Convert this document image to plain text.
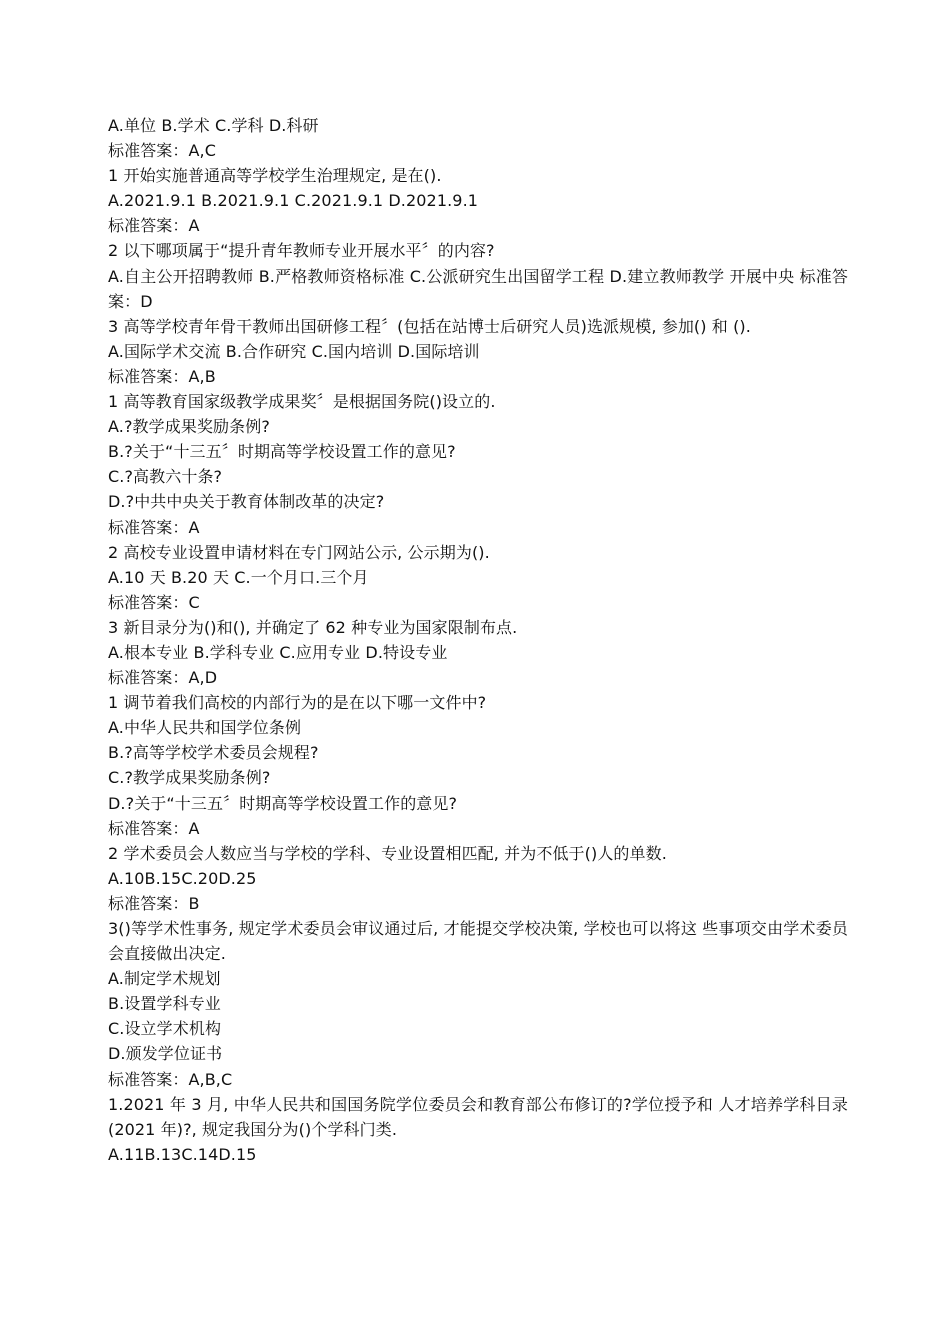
A.单位 B.学术 C.学科 D.科研
标准答案：A,C
1 开始实施普通高等学校学生治理规定, 是在().
A.2021.9.1 B.2021.9.1 C.2021.9.1 D.2021.9.1
标准答案：A
2 以下哪项属于“提升青年教师专业开展水平〞的内容?
A.自主公开招聘教师 B.严格教师资格标准 C.公派研究生出国留学工程 D.建立教师教学 开展中央 标准答案：D
3 高等学校青年骨干教师出国研修工程〞(包括在站博士后研究人员)选派规模, 参加() 和 ().
A.国际学术交流 B.合作研究 C.国内培训 D.国际培训
标准答案：A,B
1 高等教育国家级教学成果奖〞是根据国务院()设立的.
A.?教学成果奖励条例?
B.?关于“十三五〞时期高等学校设置工作的意见?
C.?高教六十条?
D.?中共中央关于教育体制改革的决定?
标准答案：A
2 高校专业设置申请材料在专门网站公示, 公示期为().
A.10 天 B.20 天 C.一个月口.三个月
标准答案：C
3 新目录分为()和(), 并确定了 62 种专业为国家限制布点.
A.根本专业 B.学科专业 C.应用专业 D.特设专业
标准答案：A,D
1 调节着我们高校的内部行为的是在以下哪一文件中?
A.中华人民共和国学位条例
B.?高等学校学术委员会规程?
C.?教学成果奖励条例?
D.?关于“十三五〞时期高等学校设置工作的意见?
标准答案：A
2 学术委员会人数应当与学校的学科、专业设置相匹配, 并为不低于()人的单数.
A.10B.15C.20D.25
标准答案：B
3()等学术性事务, 规定学术委员会审议通过后, 才能提交学校决策, 学校也可以将这 些事项交由学术委员会直接做出决定.
A.制定学术规划
B.设置学科专业
C.设立学术机构
D.颁发学位证书
标准答案：A,B,C
1.2021 年 3 月, 中华人民共和国国务院学位委员会和教育部公布修订的?学位授予和 人才培养学科目录(2021 年)?, 规定我国分为()个学科门类.
A.11B.13C.14D.15
